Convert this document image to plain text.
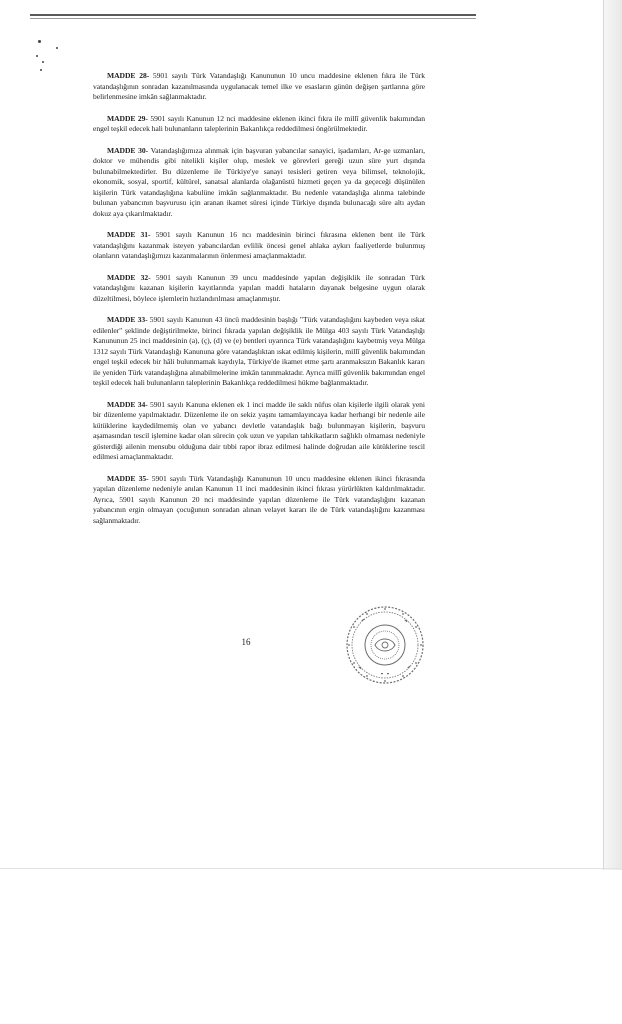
MADDE 28- 5901 sayılı Türk Vatandaşlığı Kanununun 10 uncu maddesine eklenen fıkra ile Türk vatandaşlığının sonradan kazanılmasında uygulanacak temel ilke ve esasların günün değişen şartlarına göre belirlenmesine imkân sağlanmaktadır.

MADDE 29- 5901 sayılı Kanunun 12 nci maddesine eklenen ikinci fıkra ile millî güvenlik bakımından engel teşkil edecek hali bulunanların taleplerinin Bakanlıkça reddedilmesi öngörülmektedir.

MADDE 30- Vatandaşlığımıza alınmak için başvuran yabancılar sanayici, işadamları, Ar-ge uzmanları, doktor ve mühendis gibi nitelikli kişiler olup, meslek ve görevleri gereği uzun süre yurt dışında bulunabilmektedirler. Bu düzenleme ile Türkiye'ye sanayi tesisleri getiren veya bilimsel, teknolojik, ekonomik, sosyal, sportif, kültürel, sanatsal alanlarda olağanüstü hizmeti geçen ya da geçeceği düşünülen kişilerin Türk vatandaşlığına kabulüne imkân sağlanmaktadır. Bu nedenle vatandaşlığa alınma talebinde bulunan yabancının başvurusu için aranan ikamet süresi içinde Türkiye dışında bulunacağı süre altı aydan dokuz aya çıkarılmaktadır.

MADDE 31- 5901 sayılı Kanunun 16 ncı maddesinin birinci fıkrasına eklenen bent ile Türk vatandaşlığını kazanmak isteyen yabancılardan evlilik öncesi genel ahlaka aykırı faaliyetlerde bulunmuş olanların vatandaşlığımızı kazanmalarının önlenmesi amaçlanmaktadır.

MADDE 32- 5901 sayılı Kanunun 39 uncu maddesinde yapılan değişiklik ile sonradan Türk vatandaşlığını kazanan kişilerin kayıtlarında yapılan maddi hataların dayanak belgesine uygun olarak düzeltilmesi, böylece işlemlerin hızlandırılması amaçlanmıştır.

MADDE 33- 5901 sayılı Kanunun 43 üncü maddesinin başlığı "Türk vatandaşlığını kaybeden veya ıskat edilenler" şeklinde değiştirilmekte, birinci fıkrada yapılan değişiklik ile Mülga 403 sayılı Türk Vatandaşlığı Kanununun 25 inci maddesinin (a), (ç), (d) ve (e) bentleri uyarınca Türk vatandaşlığını kaybetmiş veya Mülga 1312 sayılı Türk Vatandaşlığı Kanununa göre vatandaşlıktan ıskat edilmiş kişilerin, millî güvenlik bakımından engel teşkil edecek bir hâli bulunmamak kaydıyla, Türkiye'de ikamet etme şartı aranmaksızın Bakanlık kararı ile yeniden Türk vatandaşlığına alınabilmelerine imkân tanınmaktadır. Ayrıca millî güvenlik bakımından engel teşkil edecek hali bulunanların taleplerinin Bakanlıkça reddedilmesi hükme bağlanmaktadır.

MADDE 34- 5901 sayılı Kanuna eklenen ek 1 inci madde ile saklı nüfus olan kişilerle ilgili olarak yeni bir düzenleme yapılmaktadır. Düzenleme ile on sekiz yaşını tamamlayıncaya kadar herhangi bir nedenle aile kütüklerine kaydedilmemiş olan ve yabancı devletle vatandaşlık bağı bulunmayan kişilerin, başvuru aşamasından tescil işlemine kadar olan sürecin çok uzun ve yapılan tahkikatların sağlıklı olmaması nedeniyle gösterdiği ailenin mensubu olduğuna dair tıbbi rapor ibraz edilmesi halinde doğrudan aile kütüklerine tescil edilmesi amaçlanmaktadır.

MADDE 35- 5901 sayılı Türk Vatandaşlığı Kanununun 10 uncu maddesine eklenen ikinci fıkrasında yapılan düzenleme nedeniyle anılan Kanunun 11 inci maddesinin ikinci fıkrası yürürlükten kaldırılmaktadır. Ayrıca, 5901 sayılı Kanunun 20 nci maddesinde yapılan düzenleme ile Türk vatandaşlığını kazanan yabancının ergin olmayan çocuğunun sonradan alınan velayet kararı ile de Türk vatandaşlığını kazanması sağlanmaktadır.

16
